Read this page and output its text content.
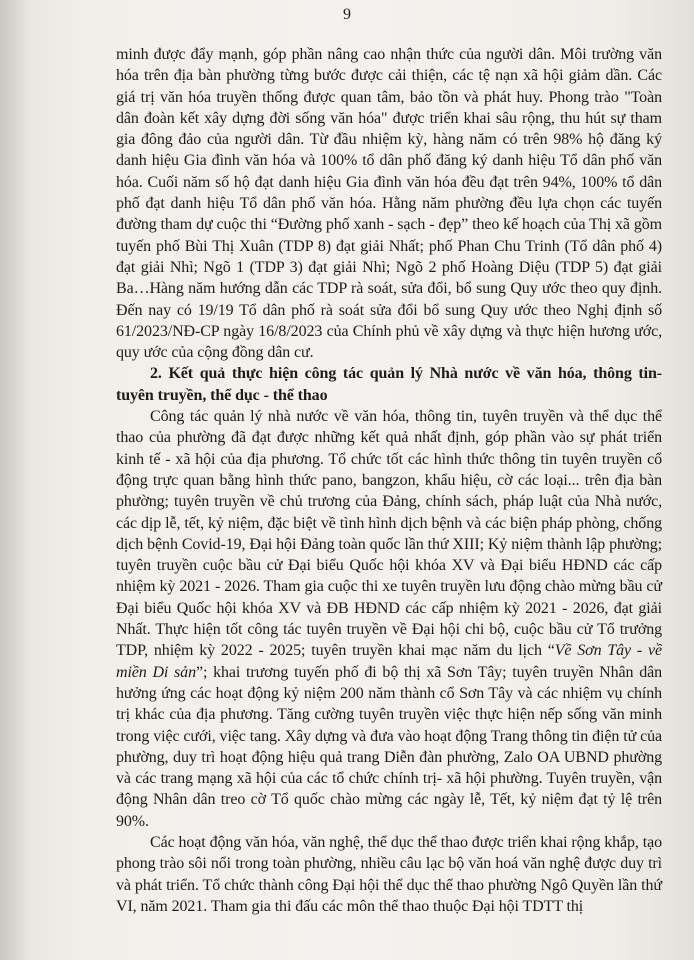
9

minh được đẩy mạnh, góp phần nâng cao nhận thức của người dân. Môi trường văn hóa trên địa bàn phường từng bước được cải thiện, các tệ nạn xã hội giảm dần. Các giá trị văn hóa truyền thống được quan tâm, bảo tồn và phát huy. Phong trào "Toàn dân đoàn kết xây dựng đời sống văn hóa" được triển khai sâu rộng, thu hút sự tham gia đông đảo của người dân. Từ đầu nhiệm kỳ, hàng năm có trên 98% hộ đăng ký danh hiệu Gia đình văn hóa và 100% tổ dân phố đăng ký danh hiệu Tổ dân phố văn hóa. Cuối năm số hộ đạt danh hiệu Gia đình văn hóa đều đạt trên 94%, 100% tổ dân phố đạt danh hiệu Tổ dân phố văn hóa. Hằng năm phường đều lựa chọn các tuyến đường tham dự cuộc thi “Đường phố xanh - sạch - đẹp” theo kế hoạch của Thị xã gồm tuyến phố Bùi Thị Xuân (TDP 8) đạt giải Nhất; phố Phan Chu Trinh (Tổ dân phố 4) đạt giải Nhì; Ngõ 1 (TDP 3) đạt giải Nhì; Ngõ 2 phố Hoàng Diệu (TDP 5) đạt giải Ba…Hàng năm hướng dẫn các TDP rà soát, sửa đổi, bổ sung Quy ước theo quy định. Đến nay có 19/19 Tổ dân phố rà soát sửa đổi bổ sung Quy ước theo Nghị định số 61/2023/NĐ-CP ngày 16/8/2023 của Chính phủ về xây dựng và thực hiện hương ước, quy ước của cộng đồng dân cư.

2. Kết quả thực hiện công tác quản lý Nhà nước về văn hóa, thông tin- tuyên truyền, thể dục - thể thao

Công tác quản lý nhà nước về văn hóa, thông tin, tuyên truyền và thể dục thể thao của phường đã đạt được những kết quả nhất định, góp phần vào sự phát triển kinh tế - xã hội của địa phương. Tổ chức tốt các hình thức thông tin tuyên truyền cổ động trực quan bằng hình thức pano, bangzon, khẩu hiệu, cờ các loại... trên địa bàn phường; tuyên truyền về chủ trương của Đảng, chính sách, pháp luật của Nhà nước, các dịp lễ, tết, kỷ niệm, đặc biệt về tình hình dịch bệnh và các biện pháp phòng, chống dịch bệnh Covid-19, Đại hội Đảng toàn quốc lần thứ XIII; Kỷ niệm thành lập phường; tuyên truyền cuộc bầu cử Đại biểu Quốc hội khóa XV và Đại biểu HĐND các cấp nhiệm kỳ 2021 - 2026. Tham gia cuộc thi xe tuyên truyền lưu động chào mừng bầu cử Đại biểu Quốc hội khóa XV và ĐB HĐND các cấp nhiệm kỳ 2021 - 2026, đạt giải Nhất. Thực hiện tốt công tác tuyên truyền về Đại hội chi bộ, cuộc bầu cử Tổ trưởng TDP, nhiệm kỳ 2022 - 2025; tuyên truyền khai mạc năm du lịch “Về Sơn Tây - về miền Di sản”; khai trương tuyến phố đi bộ thị xã Sơn Tây; tuyên truyền Nhân dân hưởng ứng các hoạt động kỷ niệm 200 năm thành cổ Sơn Tây và các nhiệm vụ chính trị khác của địa phương. Tăng cường tuyên truyền việc thực hiện nếp sống văn minh trong việc cưới, việc tang. Xây dựng và đưa vào hoạt động Trang thông tin điện tử của phường, duy trì hoạt động hiệu quả trang Diễn đàn phường, Zalo OA UBND phường và các trang mạng xã hội của các tổ chức chính trị- xã hội phường. Tuyên truyền, vận động Nhân dân treo cờ Tổ quốc chào mừng các ngày lễ, Tết, kỷ niệm đạt tỷ lệ trên 90%.

Các hoạt động văn hóa, văn nghệ, thể dục thể thao được triển khai rộng khắp, tạo phong trào sôi nổi trong toàn phường, nhiều câu lạc bộ văn hoá văn nghệ được duy trì và phát triển. Tổ chức thành công Đại hội thể dục thể thao phường Ngô Quyền lần thứ VI, năm 2021. Tham gia thi đấu các môn thể thao thuộc Đại hội TDTT thị
